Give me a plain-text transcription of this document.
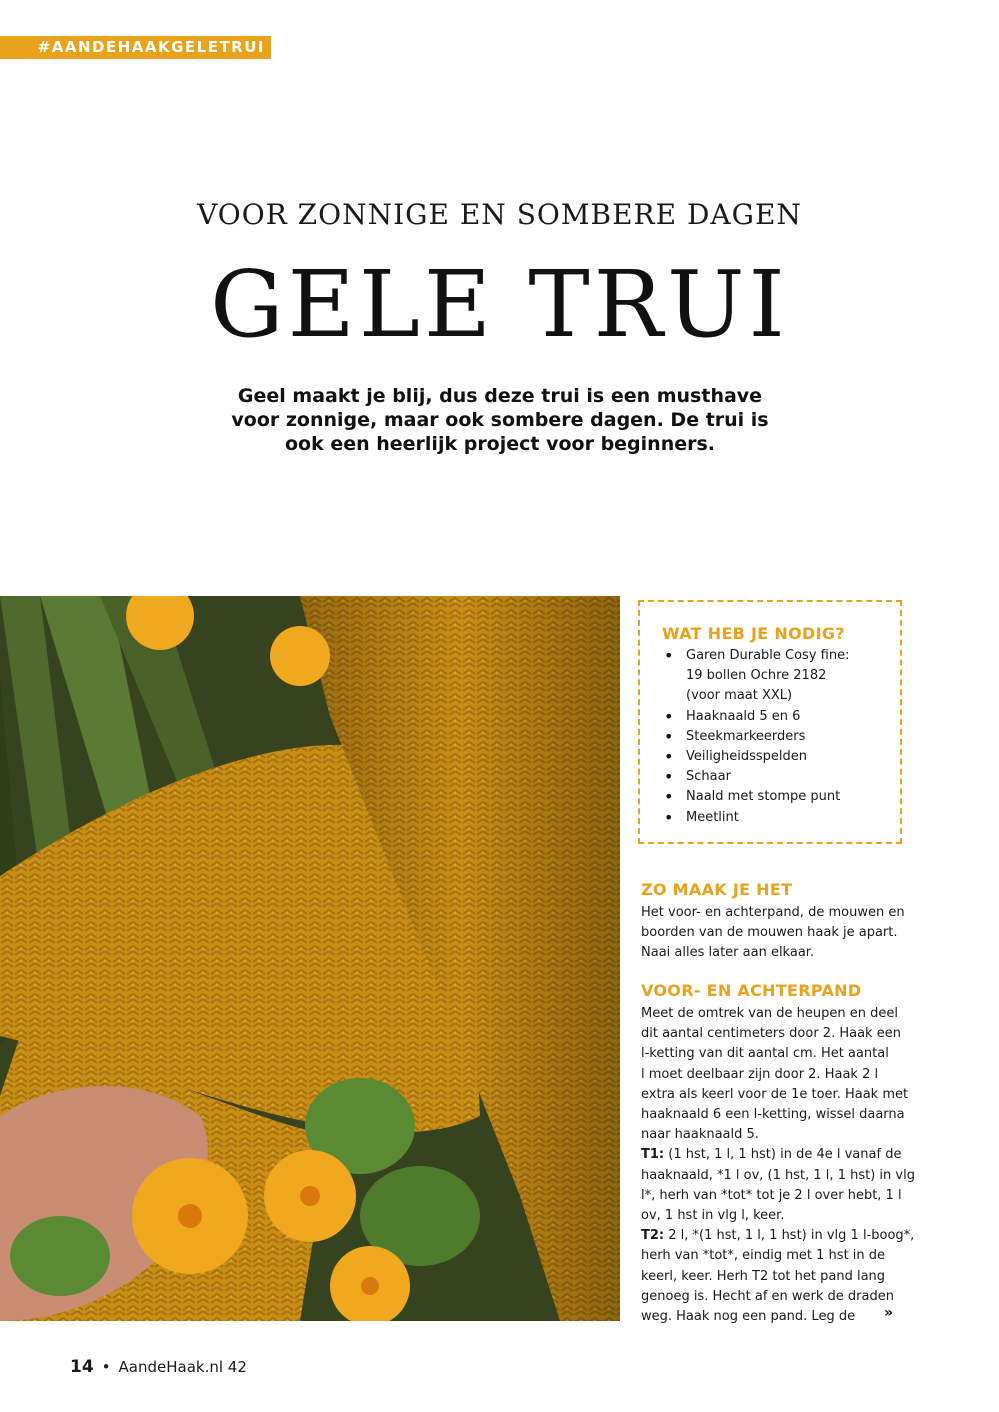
#AANDEHAAKGELETRUI
VOOR ZONNIGE EN SOMBERE DAGEN
GELE TRUI
Geel maakt je blij, dus deze trui is een musthave
voor zonnige, maar ook sombere dagen. De trui is
ook een heerlijk project voor beginners.
WAT HEB JE NODIG?
• Garen Durable Cosy fine:
19 bollen Ochre 2182
(voor maat XXL)
• Haaknaald 5 en 6
• Steekmarkeerders
• Veiligheidsspelden
• Schaar
• Naald met stompe punt
• Meetlint
ZO MAAK JE HET
Het voor- en achterpand, de mouwen en
boorden van de mouwen haak je apart.
Naai alles later aan elkaar.
VOOR- EN ACHTERPAND
Meet de omtrek van de heupen en deel
dit aantal centimeters door 2. Haak een
l-ketting van dit aantal cm. Het aantal
l moet deelbaar zijn door 2. Haak 2 l
extra als keerl voor de 1e toer. Haak met
haaknaald 6 een l-ketting, wissel daarna
naar haaknaald 5.
T1: (1 hst, 1 l, 1 hst) in de 4e l vanaf de
haaknaald, *1 l ov, (1 hst, 1 l, 1 hst) in vlg
l*, herh van *tot* tot je 2 l over hebt, 1 l
ov, 1 hst in vlg l, keer.
T2: 2 l, *(1 hst, 1 l, 1 hst) in vlg 1 l-boog*,
herh van *tot*, eindig met 1 hst in de
keerl, keer. Herh T2 tot het pand lang
genoeg is. Hecht af en werk de draden
weg. Haak nog een pand. Leg de	»
14 • AandeHaak.nl 42
